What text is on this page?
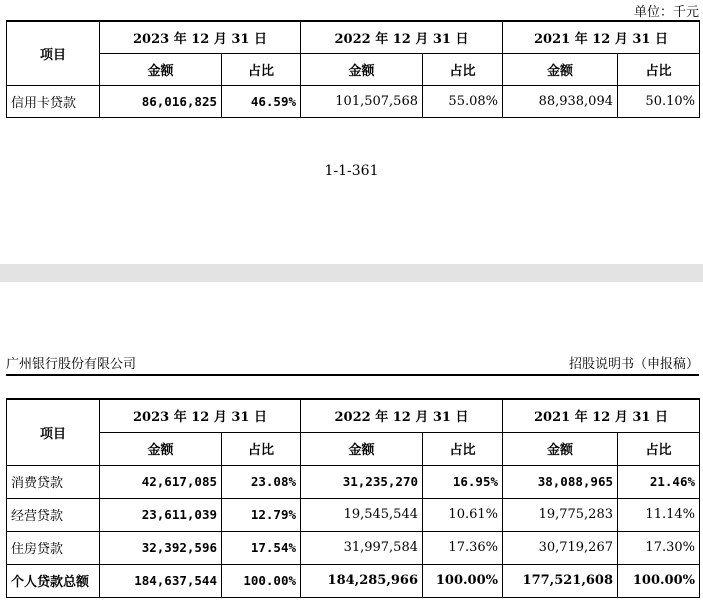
单位：千元
项目	2023 年 12 月 31 日		2022 年 12 月 31 日		2021 年 12 月 31 日	
	金额	占比	金额	占比	金额	占比
信用卡贷款	86,016,825	46.59%	101,507,568	55.08%	88,938,094	50.10%
1-1-361
广州银行股份有限公司	招股说明书（申报稿）
项目	2023 年 12 月 31 日		2022 年 12 月 31 日		2021 年 12 月 31 日	
	金额	占比	金额	占比	金额	占比
消费贷款	42,617,085	23.08%	31,235,270	16.95%	38,088,965	21.46%
经营贷款	23,611,039	12.79%	19,545,544	10.61%	19,775,283	11.14%
住房贷款	32,392,596	17.54%	31,997,584	17.36%	30,719,267	17.30%
个人贷款总额	184,637,544	100.00%	184,285,966	100.00%	177,521,608	100.00%
